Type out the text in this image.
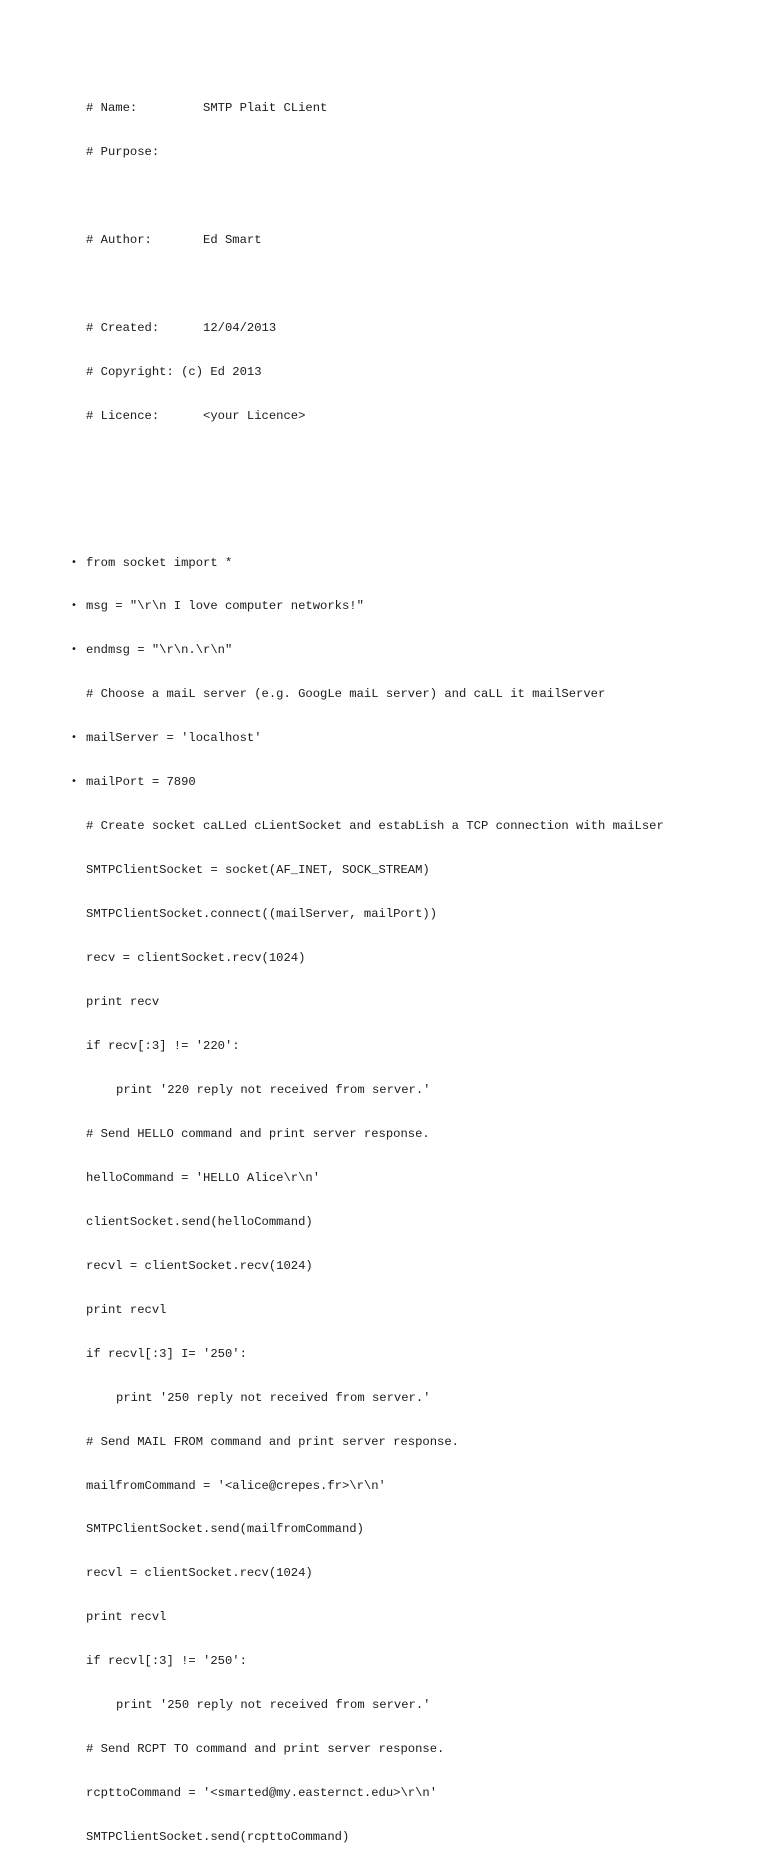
# Name:         SMTP Plait CLient

# Purpose:

# Author:       Ed Smart

# Created:      12/04/2013

# Copyright: (c) Ed 2013

# Licence:      <your Licence>

• from socket import *

• msg = "\r\n I love computer networks!"

• endmsg = "\r\n.\r\n"

# Choose a maiL server (e.g. GoogLe maiL server) and caLL it mailServer

• mailServer = 'localhost'

• mailPort = 7890

# Create socket caLLed cLientSocket and estabLish a TCP connection with maiLser

SMTPClientSocket = socket(AF_INET, SOCK_STREAM)

SMTPClientSocket.connect((mailServer, mailPort))

recv = clientSocket.recv(1024)

print recv

if recv[:3] != '220':

print '220 reply not received from server.'

# Send HELLO command and print server response.

helloCommand = 'HELLO Alice\r\n'

clientSocket.send(helloCommand)

recvl = clientSocket.recv(1024)

print recvl

if recvl[:3] I= '250':

print '250 reply not received from server.'

# Send MAIL FROM command and print server response.

mailfromCommand = '<alice@crepes.fr>\r\n'

SMTPClientSocket.send(mailfromCommand)

recvl = clientSocket.recv(1024)

print recvl

if recvl[:3] != '250':

print '250 reply not received from server.'

# Send RCPT TO command and print server response.

rcpttoCommand = '<smarted@my.easternct.edu>\r\n'

SMTPClientSocket.send(rcpttoCommand)
